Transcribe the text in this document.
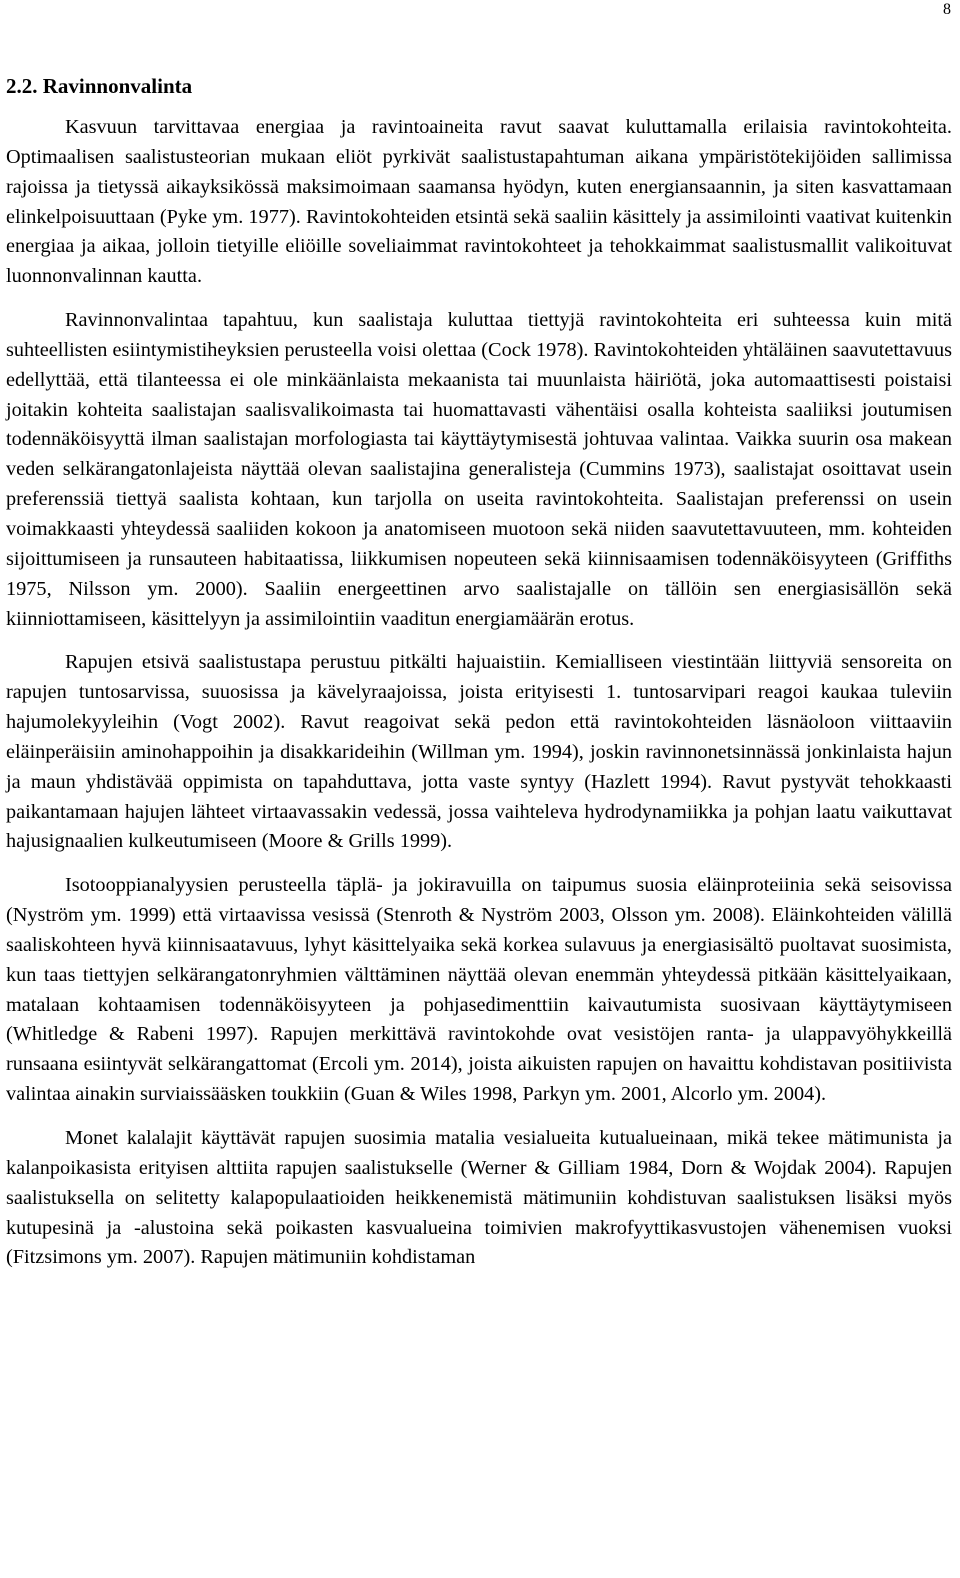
8
2.2. Ravinnonvalinta

Kasvuun tarvittavaa energiaa ja ravintoaineita ravut saavat kuluttamalla erilaisia ravintokohteita. Optimaalisen saalistusteorian mukaan eliöt pyrkivät saalistustapahtuman aikana ympäristötekijöiden sallimissa rajoissa ja tietyssä aikayksikössä maksimoimaan saamansa hyödyn, kuten energiansaannin, ja siten kasvattamaan elinkelpoisuuttaan (Pyke ym. 1977). Ravintokohteiden etsintä sekä saaliin käsittely ja assimilointi vaativat kuitenkin energiaa ja aikaa, jolloin tietyille eliöille soveliaimmat ravintokohteet ja tehokkaimmat saalistusmallit valikoituvat luonnonvalinnan kautta.

Ravinnonvalintaa tapahtuu, kun saalistaja kuluttaa tiettyjä ravintokohteita eri suhteessa kuin mitä suhteellisten esiintymistiheyksien perusteella voisi olettaa (Cock 1978). Ravintokohteiden yhtäläinen saavutettavuus edellyttää, että tilanteessa ei ole minkäänlaista mekaanista tai muunlaista häiriötä, joka automaattisesti poistaisi joitakin kohteita saalistajan saalisvalikoimasta tai huomattavasti vähentäisi osalla kohteista saaliiksi joutumisen todennäköisyyttä ilman saalistajan morfologiasta tai käyttäytymisestä johtuvaa valintaa. Vaikka suurin osa makean veden selkärangatonlajeista näyttää olevan saalistajina generalisteja (Cummins 1973), saalistajat osoittavat usein preferenssiä tiettyä saalista kohtaan, kun tarjolla on useita ravintokohteita. Saalistajan preferenssi on usein voimakkaasti yhteydessä saaliiden kokoon ja anatomiseen muotoon sekä niiden saavutettavuuteen, mm. kohteiden sijoittumiseen ja runsauteen habitaatissa, liikkumisen nopeuteen sekä kiinnisaamisen todennäköisyyteen (Griffiths 1975, Nilsson ym. 2000). Saaliin energeettinen arvo saalistajalle on tällöin sen energiasisällön sekä kiinniottamiseen, käsittelyyn ja assimilointiin vaaditun energiamäärän erotus.

Rapujen etsivä saalistustapa perustuu pitkälti hajuaistiin. Kemialliseen viestintään liittyviä sensoreita on rapujen tuntosarvissa, suuosissa ja kävelyraajoissa, joista erityisesti 1. tuntosarvipari reagoi kaukaa tuleviin hajumolekyyleihin (Vogt 2002). Ravut reagoivat sekä pedon että ravintokohteiden läsnäoloon viittaaviin eläinperäisiin aminohappoihin ja disakkarideihin (Willman ym. 1994), joskin ravinnonetsinnässä jonkinlaista hajun ja maun yhdistävää oppimista on tapahduttava, jotta vaste syntyy (Hazlett 1994). Ravut pystyvät tehokkaasti paikantamaan hajujen lähteet virtaavassakin vedessä, jossa vaihteleva hydrodynamiikka ja pohjan laatu vaikuttavat hajusignaalien kulkeutumiseen (Moore & Grills 1999).

Isotooppianalyysien perusteella täplä- ja jokiravuilla on taipumus suosia eläinproteiinia sekä seisovissa (Nyström ym. 1999) että virtaavissa vesissä (Stenroth & Nyström 2003, Olsson ym. 2008). Eläinkohteiden välillä saaliskohteen hyvä kiinnisaatavuus, lyhyt käsittelyaika sekä korkea sulavuus ja energiasisältö puoltavat suosimista, kun taas tiettyjen selkärangatonryhmien välttäminen näyttää olevan enemmän yhteydessä pitkään käsittelyaikaan, matalaan kohtaamisen todennäköisyyteen ja pohjasedimenttiin kaivautumista suosivaan käyttäytymiseen (Whitledge & Rabeni 1997). Rapujen merkittävä ravintokohde ovat vesistöjen ranta- ja ulappavyöhykkeillä runsaana esiintyvät selkärangattomat (Ercoli ym. 2014), joista aikuisten rapujen on havaittu kohdistavan positiivista valintaa ainakin surviaissääsken toukkiin (Guan & Wiles 1998, Parkyn ym. 2001, Alcorlo ym. 2004).

Monet kalalajit käyttävät rapujen suosimia matalia vesialueita kutualueinaan, mikä tekee mätimunista ja kalanpoikasista erityisen alttiita rapujen saalistukselle (Werner & Gilliam 1984, Dorn & Wojdak 2004). Rapujen saalistuksella on selitetty kalapopulaatioiden heikkenemistä mätimuniin kohdistuvan saalistuksen lisäksi myös kutupesinä ja -alustoina sekä poikasten kasvualueina toimivien makrofyyttikasvustojen vähenemisen vuoksi (Fitzsimons ym. 2007). Rapujen mätimuniin kohdistaman
